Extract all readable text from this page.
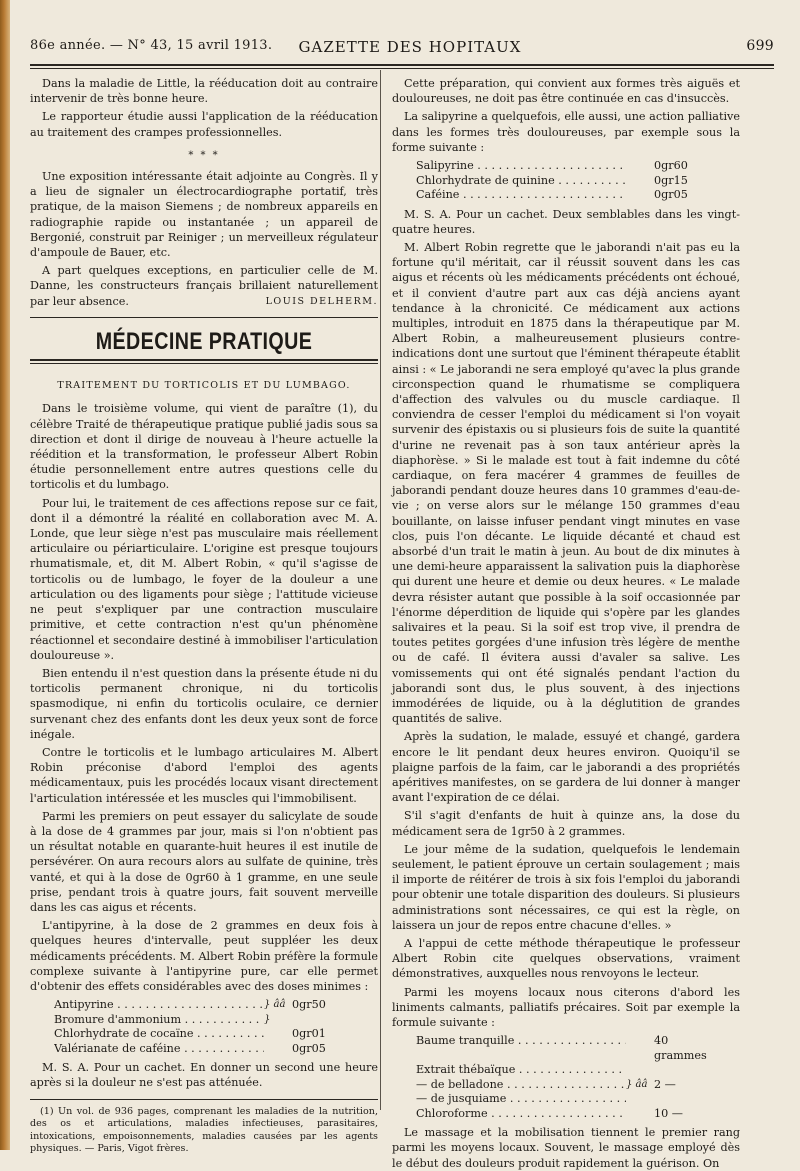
86e année. — N° 43, 15 avril 1913.	GAZETTE DES HOPITAUX	699

Dans la maladie de Little, la rééducation doit au contraire intervenir de très bonne heure.

Le rapporteur étudie aussi l'application de la rééducation au traitement des crampes professionnelles.

* * *

Une exposition intéressante était adjointe au Congrès. Il y a lieu de signaler un électrocardiographe portatif, très pratique, de la maison Siemens ; de nombreux appareils en radiographie rapide ou instantanée ; un appareil de Bergonié, construit par Reiniger ; un merveilleux régulateur d'ampoule de Bauer, etc.

A part quelques exceptions, en particulier celle de M. Danne, les constructeurs français brillaient naturellement par leur absence.	LOUIS DELHERM.
MÉDECINE PRATIQUE
TRAITEMENT DU TORTICOLIS ET DU LUMBAGO.

Dans le troisième volume, qui vient de paraître (1), du célèbre Traité de thérapeutique pratique publié jadis sous sa direction et dont il dirige de nouveau à l'heure actuelle la réédition et la transformation, le professeur Albert Robin étudie personnellement entre autres questions celle du torticolis et du lumbago.

Pour lui, le traitement de ces affections repose sur ce fait, dont il a démontré la réalité en collaboration avec M. A. Londe, que leur siège n'est pas musculaire mais réellement articulaire ou périarticulaire. L'origine est presque toujours rhumatismale, et, dit M. Albert Robin, « qu'il s'agisse de torticolis ou de lumbago, le foyer de la douleur a une articulation ou des ligaments pour siège ; l'attitude vicieuse ne peut s'expliquer par une contraction musculaire primitive, et cette contraction n'est qu'un phénomène réactionnel et secondaire destiné à immobiliser l'articulation douloureuse ».

Bien entendu il n'est question dans la présente étude ni du torticolis permanent chronique, ni du torticolis spasmodique, ni enfin du torticolis oculaire, ce dernier survenant chez des enfants dont les deux yeux sont de force inégale.

Contre le torticolis et le lumbago articulaires M. Albert Robin préconise d'abord l'emploi des agents médicamentaux, puis les procédés locaux visant directement l'articulation intéressée et les muscles qui l'immobilisent.

Parmi les premiers on peut essayer du salicylate de soude à la dose de 4 grammes par jour, mais si l'on n'obtient pas un résultat notable en quarante-huit heures il est inutile de persévérer. On aura recours alors au sulfate de quinine, très vanté, et qui à la dose de 0gr60 à 1 gramme, en une seule prise, pendant trois à quatre jours, fait souvent merveille dans les cas aigus et récents.

L'antipyrine, à la dose de 2 grammes en deux fois à quelques heures d'intervalle, peut suppléer les deux médicaments précédents. M. Albert Robin préfère la formule complexe suivante à l'antipyrine pure, car elle permet d'obtenir des effets considérables avec des doses minimes :

Antipyrine . . .	} ââ 0gr50
Bromure d'ammonium . . .	}
Chlorhydrate de cocaïne . . .	0gr01
Valérianate de caféine . . .	0gr05

M. S. A. Pour un cachet. En donner un second une heure après si la douleur ne s'est pas atténuée.

(1) Un vol. de 936 pages, comprenant les maladies de la nutrition, des os et articulations, maladies infectieuses, parasitaires, intoxications, empoisonnements, maladies causées par les agents physiques. — Paris, Vigot frères.

Cette préparation, qui convient aux formes très aiguës et douloureuses, ne doit pas être continuée en cas d'insuccès.

La salipyrine a quelquefois, elle aussi, une action palliative dans les formes très douloureuses, par exemple sous la forme suivante :

Salipyrine . . .	0gr60
Chlorhydrate de quinine . . .	0gr15
Caféine . . .	0gr05

M. S. A. Pour un cachet. Deux semblables dans les vingt-quatre heures.

M. Albert Robin regrette que le jaborandi n'ait pas eu la fortune qu'il méritait, car il réussit souvent dans les cas aigus et récents où les médicaments précédents ont échoué, et il convient d'autre part aux cas déjà anciens ayant tendance à la chronicité. Ce médicament aux actions multiples, introduit en 1875 dans la thérapeutique par M. Albert Robin, a malheureusement plusieurs contre-indications dont une surtout que l'éminent thérapeute établit ainsi : « Le jaborandi ne sera employé qu'avec la plus grande circonspection quand le rhumatisme se compliquera d'affection des valvules ou du muscle cardiaque. Il conviendra de cesser l'emploi du médicament si l'on voyait survenir des épistaxis ou si plusieurs fois de suite la quantité d'urine ne revenait pas à son taux antérieur après la diaphorèse. » Si le malade est tout à fait indemne du côté cardiaque, on fera macérer 4 grammes de feuilles de jaborandi pendant douze heures dans 10 grammes d'eau-de-vie ; on verse alors sur le mélange 150 grammes d'eau bouillante, on laisse infuser pendant vingt minutes en vase clos, puis l'on décante. Le liquide décanté et chaud est absorbé d'un trait le matin à jeun. Au bout de dix minutes à une demi-heure apparaissent la salivation puis la diaphorèse qui durent une heure et demie ou deux heures. « Le malade devra résister autant que possible à la soif occasionnée par l'énorme déperdition de liquide qui s'opère par les glandes salivaires et la peau. Si la soif est trop vive, il prendra de toutes petites gorgées d'une infusion très légère de menthe ou de café. Il évitera aussi d'avaler sa salive. Les vomissements qui ont été signalés pendant l'action du jaborandi sont dus, le plus souvent, à des injections immodérées de liquide, ou à la déglutition de grandes quantités de salive.

Après la sudation, le malade, essuyé et changé, gardera encore le lit pendant deux heures environ. Quoiqu'il se plaigne parfois de la faim, car le jaborandi a des propriétés apéritives manifestes, on se gardera de lui donner à manger avant l'expiration de ce délai.

S'il s'agit d'enfants de huit à quinze ans, la dose du médicament sera de 1gr50 à 2 grammes.

Le jour même de la sudation, quelquefois le lendemain seulement, le patient éprouve un certain soulagement ; mais il importe de réitérer de trois à six fois l'emploi du jaborandi pour obtenir une totale disparition des douleurs. Si plusieurs administrations sont nécessaires, ce qui est la règle, on laissera un jour de repos entre chacune d'elles. »

A l'appui de cette méthode thérapeutique le professeur Albert Robin cite quelques observations, vraiment démonstratives, auxquelles nous renvoyons le lecteur.

Parmi les moyens locaux nous citerons d'abord les liniments calmants, palliatifs précaires. Soit par exemple la formule suivante :

Baume tranquille . . .	40 grammes
Extrait thébaïque . . .
— de belladone . . .	} ââ 2 —
— de jusquiame . . .
Chloroforme . . .	10 —

Le massage et la mobilisation tiennent le premier rang parmi les moyens locaux. Souvent, le massage employé dès le début des douleurs produit rapidement la guérison. On
